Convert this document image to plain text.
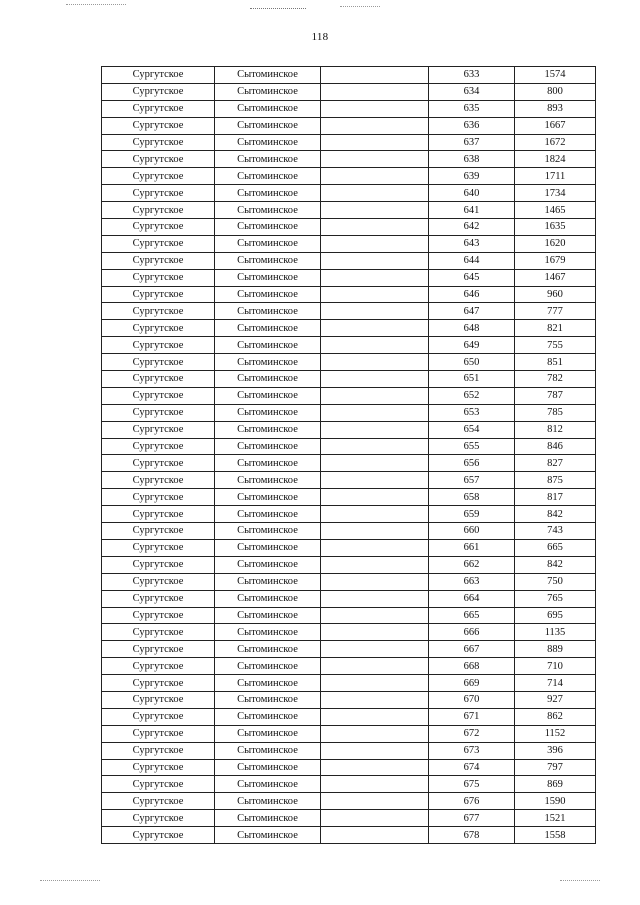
118
Сургутское	Сытоминское		633	1574
Сургутское	Сытоминское		634	800
Сургутское	Сытоминское		635	893
Сургутское	Сытоминское		636	1667
Сургутское	Сытоминское		637	1672
Сургутское	Сытоминское		638	1824
Сургутское	Сытоминское		639	1711
Сургутское	Сытоминское		640	1734
Сургутское	Сытоминское		641	1465
Сургутское	Сытоминское		642	1635
Сургутское	Сытоминское		643	1620
Сургутское	Сытоминское		644	1679
Сургутское	Сытоминское		645	1467
Сургутское	Сытоминское		646	960
Сургутское	Сытоминское		647	777
Сургутское	Сытоминское		648	821
Сургутское	Сытоминское		649	755
Сургутское	Сытоминское		650	851
Сургутское	Сытоминское		651	782
Сургутское	Сытоминское		652	787
Сургутское	Сытоминское		653	785
Сургутское	Сытоминское		654	812
Сургутское	Сытоминское		655	846
Сургутское	Сытоминское		656	827
Сургутское	Сытоминское		657	875
Сургутское	Сытоминское		658	817
Сургутское	Сытоминское		659	842
Сургутское	Сытоминское		660	743
Сургутское	Сытоминское		661	665
Сургутское	Сытоминское		662	842
Сургутское	Сытоминское		663	750
Сургутское	Сытоминское		664	765
Сургутское	Сытоминское		665	695
Сургутское	Сытоминское		666	1135
Сургутское	Сытоминское		667	889
Сургутское	Сытоминское		668	710
Сургутское	Сытоминское		669	714
Сургутское	Сытоминское		670	927
Сургутское	Сытоминское		671	862
Сургутское	Сытоминское		672	1152
Сургутское	Сытоминское		673	396
Сургутское	Сытоминское		674	797
Сургутское	Сытоминское		675	869
Сургутское	Сытоминское		676	1590
Сургутское	Сытоминское		677	1521
Сургутское	Сытоминское		678	1558
